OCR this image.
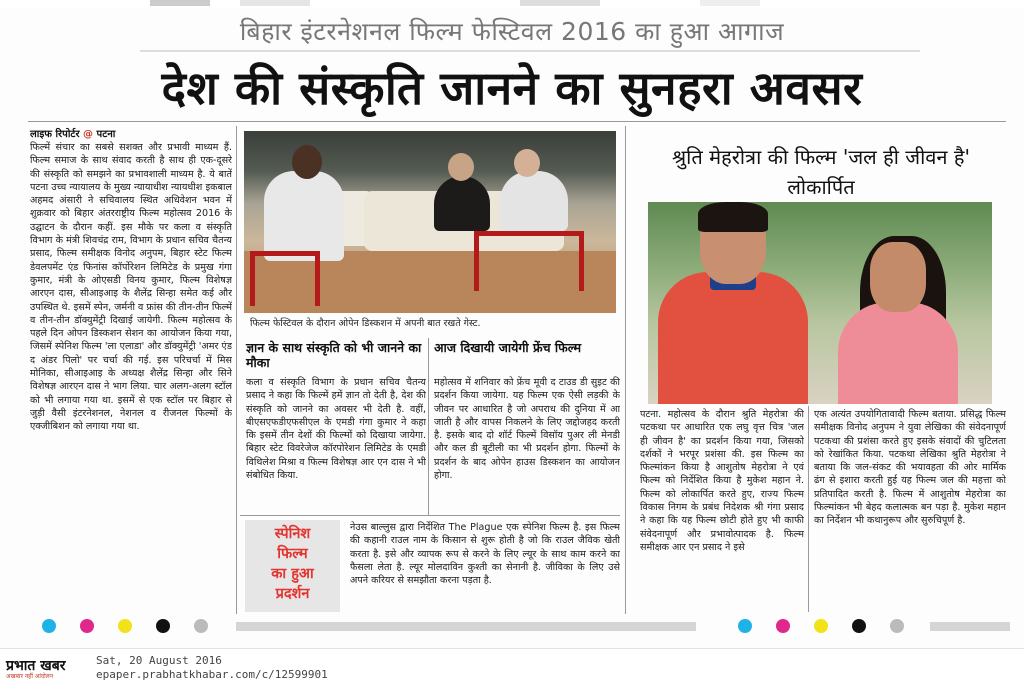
बिहार इंटरनेशनल फिल्म फेस्टिवल 2016 का हुआ आगाज
देश की संस्कृति जानने का सुनहरा अवसर
लाइफ रिपोर्टर @ पटना
फिल्में संचार का सबसे सशक्त और प्रभावी माध्यम हैं. फिल्म समाज के साथ संवाद करती है साथ ही एक-दूसरे की संस्कृति को समझने का प्रभावशाली माध्यम है. ये बातें पटना उच्च न्यायालय के मुख्य न्यायाधीश न्यायधीश इकबाल अहमद अंसारी ने सचिवालय स्थित अधिवेशन भवन में शुक्रवार को बिहार अंतरराष्ट्रीय फिल्म महोत्सव 2016 के उद्घाटन के दौरान कहीं. इस मौके पर कला व संस्कृति विभाग के मंत्री शिवचंद्र राम, विभाग के प्रधान सचिव चैतन्य प्रसाद, फिल्म समीक्षक विनोद अनुपम, बिहार स्टेट फिल्म डेवलपमेंट एंड फिनांस कॉर्पोरेशन लिमिटेड के प्रमुख गंगा कुमार, मंत्री के ओएसडी विनय कुमार, फिल्म विशेषज्ञ आरएन दास, सीआइआइ के शैलेंद्र सिन्हा समेत कई और उपस्थित थे. इसमें स्पेन, जर्मनी व फ्रांस की तीन-तीन फिल्में व तीन-तीन डॉक्युमेंट्री दिखाई जायेगी. फिल्म महोत्सव के पहले दिन ओपन डिस्कशन सेशन का आयोजन किया गया, जिसमें स्पेनिश फिल्म 'ला एलाडा' और डॉक्युमेंट्री 'अमर एंड द अंडर पिलो' पर चर्चा की गई. इस परिचर्चा में मिस मोनिका, सीआइआइ के अध्यक्ष शैलेंद्र सिन्हा और सिने विशेषज्ञ आरएन दास ने भाग लिया. चार अलग-अलग स्टॉल को भी लगाया गया था. इसमें से एक स्टॉल पर बिहार से जुड़ी वैसी इंटरनेशनल, नेशनल व रीजनल फिल्मों के एक्जीबिशन को लगाया गया था.
फिल्म फेस्टिवल के दौरान ओपेन डिस्कशन में अपनी बात रखते गेस्ट.
ज्ञान के साथ संस्कृति को भी जानने का मौका
कला व संस्कृति विभाग के प्रधान सचिव चैतन्य प्रसाद ने कहा कि फिल्में हमें ज्ञान तो देती है, देश की संस्कृति को जानने का अवसर भी देती है. वहीं, बीएसएफडीएफसीएल के एमडी गंगा कुमार ने कहा कि इसमें तीन देशों की फिल्मों को दिखाया जायेगा. बिहार स्टेट विवरेजेज कॉरपोरेशन लिमिटेड के एमडी विथिलेश मिश्रा व फिल्म विशेषज्ञ आर एन दास ने भी संबोधित किया.
आज दिखायी जायेगी फ्रेंच फिल्म
महोत्सव में शनिवार को फ्रेंच मूवी द टाउड डी सुइट की प्रदर्शन किया जायेगा. यह फिल्म एक ऐसी लड़की के जीवन पर आधारित है जो अपराध की दुनिया में आ जाती है और वापस निकलने के लिए जद्दोजहद करती है. इसके बाद दो शॉर्ट फिल्में विसॉय पुअर ली मेनडी और कल डी बूटीली का भी प्रदर्शन होगा. फिल्मों के प्रदर्शन के बाद ओपेन हाउस डिस्कशन का आयोजन होगा.
स्पेनिश
फिल्म
का हुआ
प्रदर्शन
नेउस बाल्लुस द्वारा निर्देशित The Plague एक स्पेनिश फिल्म है. इस फिल्म की कहानी राउल नाम के किसान से शुरू होती है जो कि राउल जैविक खेती करता है. इसे और व्यापक रूप से करने के लिए ल्यूर के साथ काम करने का फैसला लेता है. ल्यूर मोलदाविन कुश्ती का सेनानी है. जीविका के लिए उसे अपने करियर से समझौता करना पड़ता है.
श्रुति मेहरोत्रा की फिल्म 'जल ही जीवन है' लोकार्पित
पटना. महोत्सव के दौरान श्रुति मेहरोत्रा की पटकथा पर आधारित एक लघु वृत्त चित्र 'जल ही जीवन है' का प्रदर्शन किया गया, जिसको दर्शकों ने भरपूर प्रशंसा की. इस फिल्म का फिल्मांकन किया है आशुतोष मेहरोत्रा ने एवं फिल्म को निर्देशित किया है मुकेश महान ने. फिल्म को लोकार्पित करते हुए, राज्य फिल्म विकास निगम के प्रबंध निदेशक श्री गंगा प्रसाद ने कहा कि यह फिल्म छोटी होते हुए भी काफी संवेदनापूर्ण और प्रभावोत्पादक है. फिल्म समीक्षक आर एन प्रसाद ने इसे
एक अत्यंत उपयोगितावादी फिल्म बताया. प्रसिद्ध फिल्म समीक्षक विनोद अनुपम ने युवा लेखिका की संवेदनापूर्ण पटकथा की प्रशंसा करते हुए इसके संवादों की चुटिलता को रेखांकित किया. पटकथा लेखिका श्रुति मेहरोत्रा ने बताया कि जल-संकट की भयावहता की ओर मार्मिक ढंग से इशारा करती हुई यह फिल्म जल की महत्ता को प्रतिपादित करती है. फिल्म में आशुतोष मेहरोत्रा का फिल्मांकन भी बेहद कलात्मक बन पड़ा है. मुकेश महान का निर्देशन भी कथानुरूप और सुरुचिपूर्ण है.
प्रभात खबर
अखबार नहीं आंदोलन
Sat, 20 August 2016
epaper.prabhatkhabar.com/c/12599901
